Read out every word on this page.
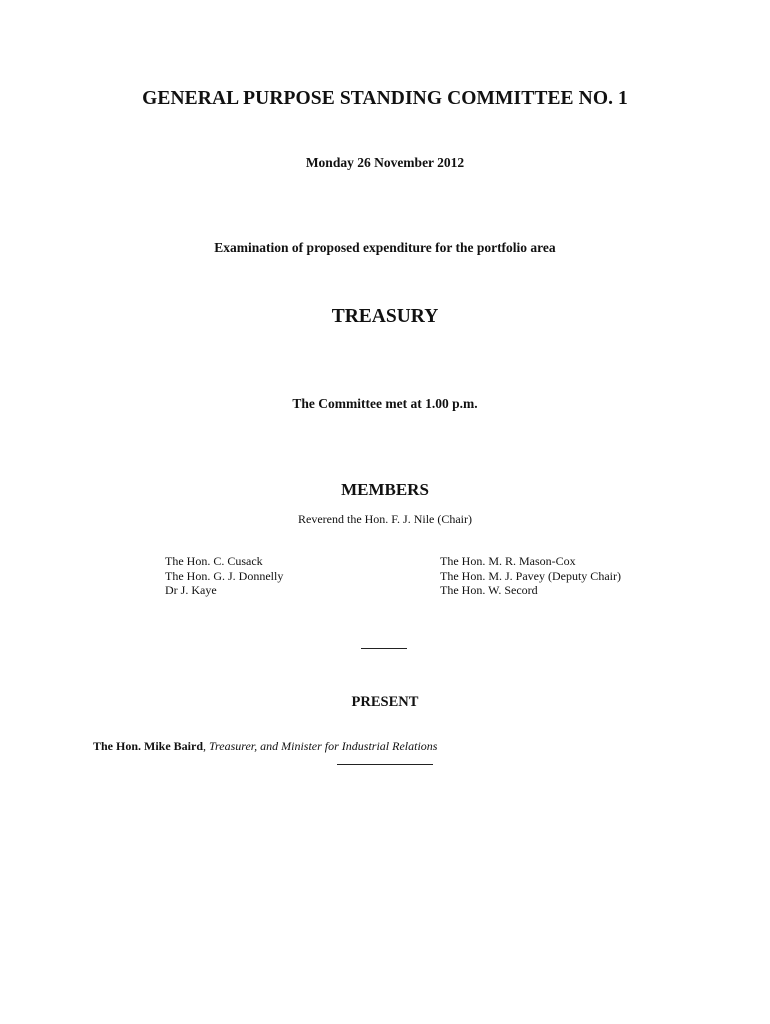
GENERAL PURPOSE STANDING COMMITTEE NO. 1
Monday 26 November 2012
Examination of proposed expenditure for the portfolio area
TREASURY
The Committee met at 1.00 p.m.
MEMBERS
Reverend the Hon. F. J. Nile (Chair)
The Hon. C. Cusack
The Hon. G. J. Donnelly
Dr J. Kaye
The Hon. M. R. Mason-Cox
The Hon. M. J. Pavey (Deputy Chair)
The Hon. W. Secord
PRESENT
The Hon. Mike Baird, Treasurer, and Minister for Industrial Relations
